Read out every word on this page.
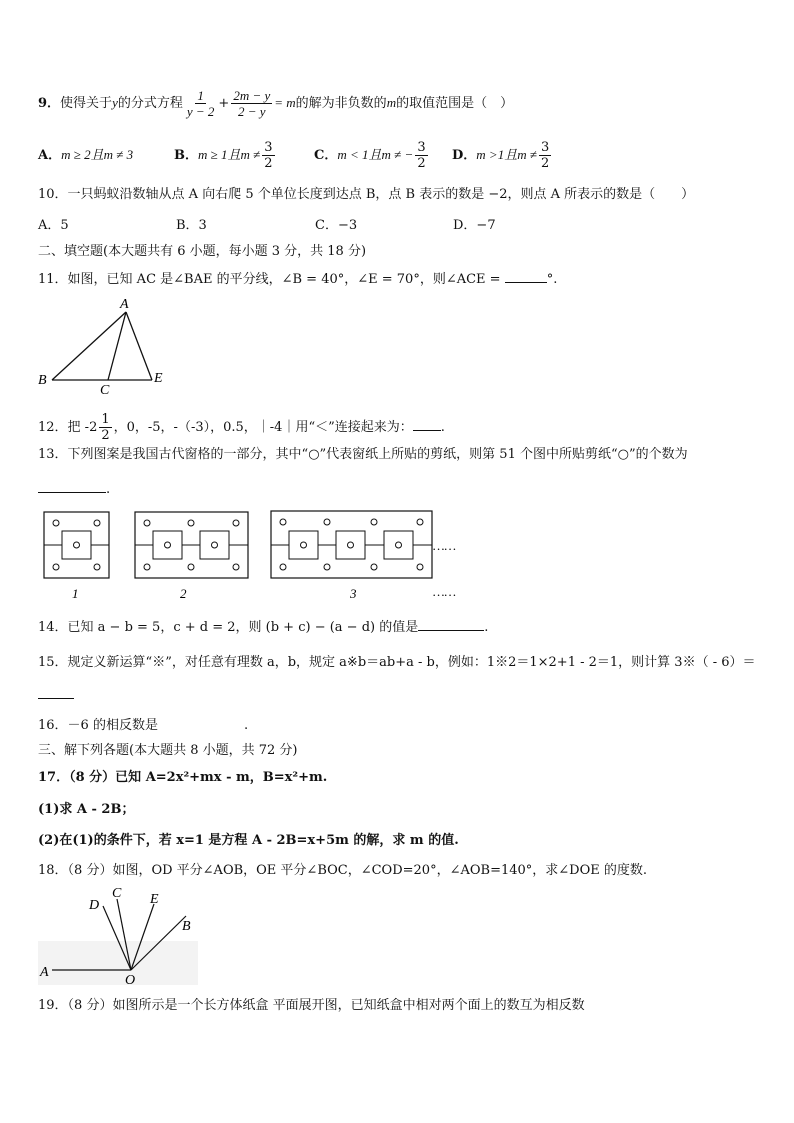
9．使得关于y的分式方程 $\frac{1}{y - 2} + \frac{2m - y}{2 - y} = m$的解为非负数的m的取值范围是（　）
A．m ≥ 2且m ≠ 3	B．m ≥ 1且$m \ne \frac{3}{2}$	C．m < 1且m ≠ − $\frac{3}{2}$ D．m >1且$m \ne \frac{3}{2}$
10．一只蚂蚁沿数轴从点 A 向右爬 5 个单位长度到达点 B，点 B 表示的数是 −2，则点 A 所表示的数是（　　）
A．5	B．3	C．−3	D．−7
二、填空题(本大题共有 6 小题，每小题 3 分，共 18 分)
11．如图，已知 AC 是∠BAE 的平分线，∠B = 40°，∠E = 70°，则∠ACE =	°.
A
B
C
E
12．把 $-2 \frac{1}{2}$ ，0，-5，-（-3），0.5，｜-4｜用“＜”连接起来为： .
13．下列图案是我国古代窗格的一部分，其中“○”代表窗纸上所贴的剪纸，则第 51 个图中所贴剪纸“○”的个数为
.
……
1	2	3	……
14．已知 a − b = 5，c + d = 2，则 (b + c) − (a − d) 的值是	.
15．规定义新运算“※”，对任意有理数 a，b，规定 a※b＝ab+a - b，例如：1※2＝1×2+1 - 2＝1，则计算 3※（ - 6）＝
16．－6 的相反数是	.
三、解下列各题(本大题共 8 小题，共 72 分)
17．（8 分）已知 A=2x²+mx - m，B=x²+m.
(1)求 A - 2B；
(2)在(1)的条件下，若 x=1 是方程 A - 2B=x+5m 的解，求 m 的值.
18．（8 分）如图，OD 平分∠AOB，OE 平分∠BOC，∠COD=20°，∠AOB=140°，求∠DOE 的度数.
A
O
D
C E
B
19．（8 分）如图所示是一个长方体纸盒 平面展开图，已知纸盒中相对两个面上的数互为相反数
